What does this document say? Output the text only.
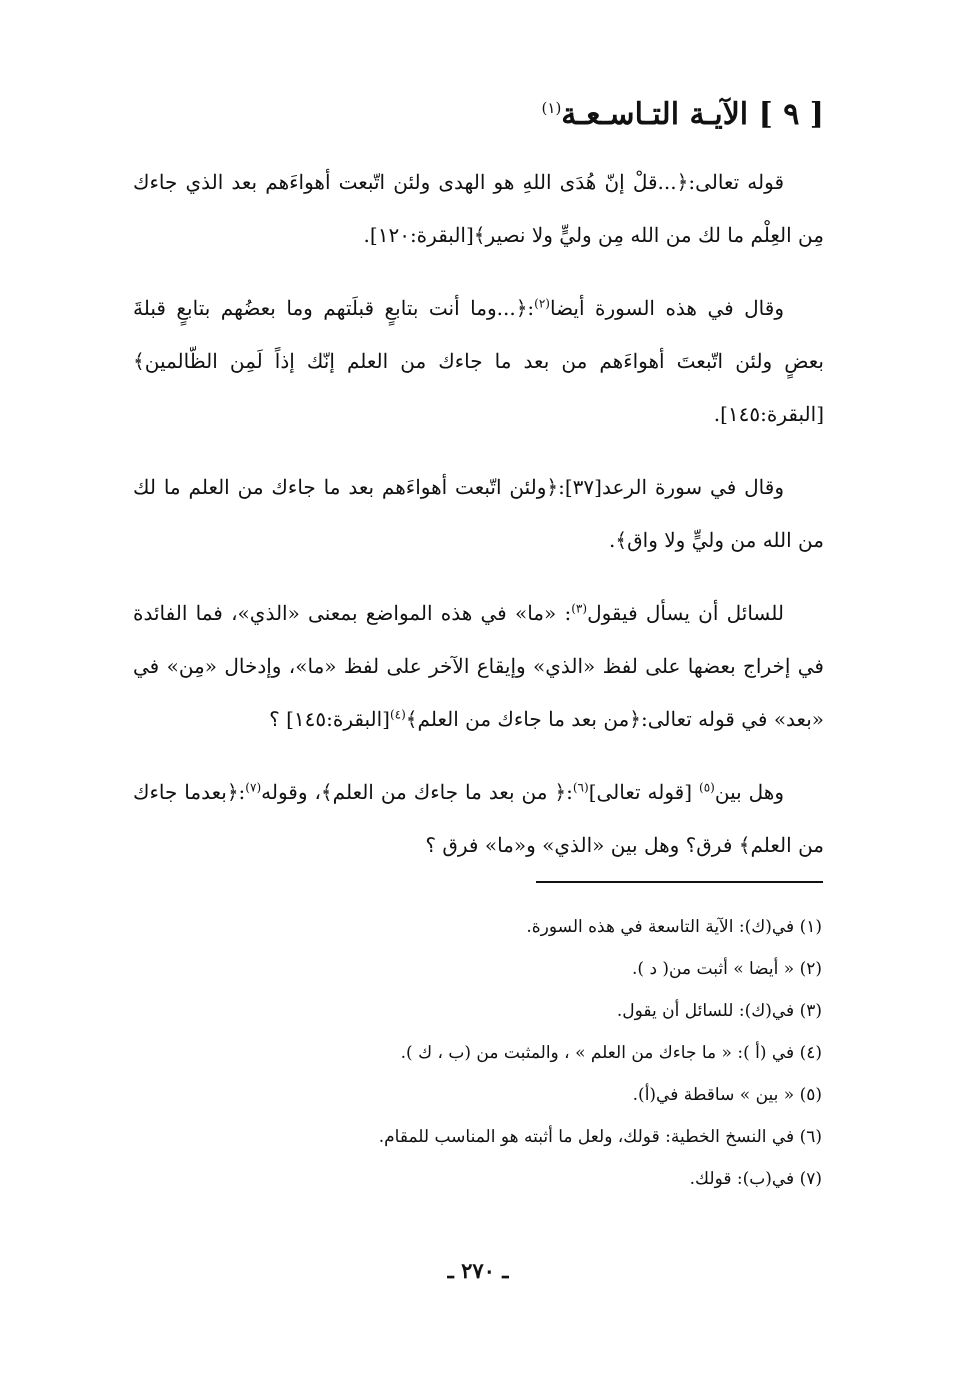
[ ٩ ] الآيـة التـاسـعـة$^{(١)}$

قوله تعالى:﴿...قلْ إنّ هُدَى اللهِ هو الهدى ولئن اتّبعت أهواءَهم بعد الذي جاءك مِن العِلْم ما لك من الله مِن وليٍّ ولا نصير﴾[البقرة:١٢٠].

وقال في هذه السورة أيضا$^{(٢)}$:﴿...وما أنت بتابعٍ قبلَتهم وما بعضُهم بتابعٍ قبلةَ بعضٍ ولئن اتّبعتَ أهواءَهم من بعد ما جاءك من العلم إنّك إذاً لَمِن الظّالمين﴾[البقرة:١٤٥].

وقال في سورة الرعد[٣٧]:﴿ولئن اتّبعت أهواءَهم بعد ما جاءك من العلم ما لك من الله من وليٍّ ولا واق﴾.

للسائل أن يسأل فيقول$^{(٣)}$: «ما» في هذه المواضع بمعنى «الذي»، فما الفائدة في إخراج بعضها على لفظ «الذي» وإيقاع الآخر على لفظ «ما»، وإدخال «مِن» في «بعد» في قوله تعالى:﴿من بعد ما جاءك من العلم﴾$^{(٤)}$[البقرة:١٤٥] ؟

وهل بين$^{(٥)}$ [قوله تعالى]$^{(٦)}$:﴿ من بعد ما جاءك من العلم﴾، وقوله$^{(٧)}$:﴿بعدما جاءك من العلم﴾ فرق؟ وهل بين «الذي» و«ما» فرق ؟

(١) في(ك): الآية التاسعة في هذه السورة.
(٢) « أيضا » أثبت من( د ).
(٣) في(ك): للسائل أن يقول.
(٤) في (أ ): « ما جاءك من العلم » ، والمثبت من (ب ، ك ).
(٥) « بين » ساقطة في(أ).
(٦) في النسخ الخطية: قولك، ولعل ما أثبته هو المناسب للمقام.
(٧) في(ب): قولك.
ـ ٢٧٠ ـ
